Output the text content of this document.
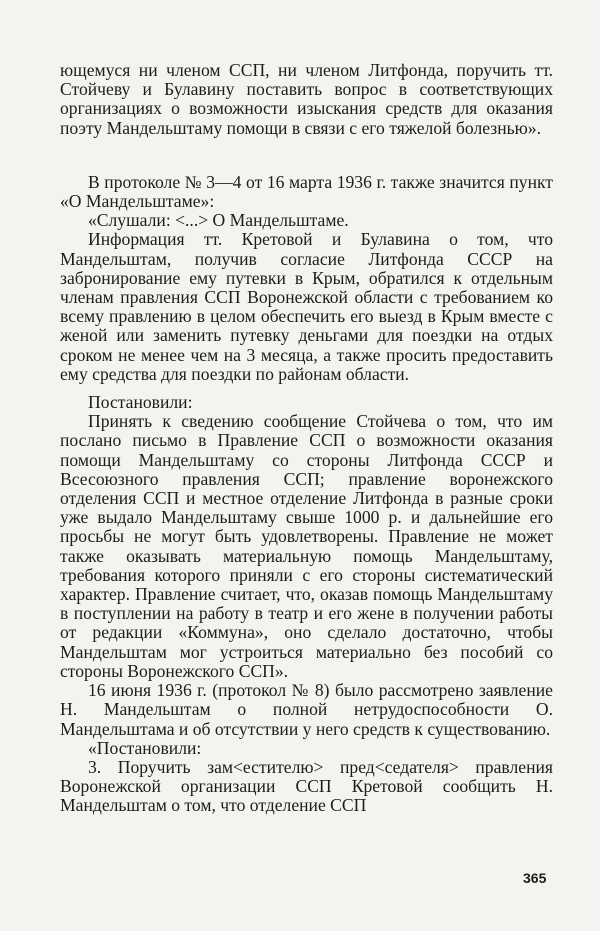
ющемуся ни членом ССП, ни членом Литфонда, поручить тт. Стойчеву и Булавину поставить вопрос в соответствующих организациях о возможности изыскания средств для оказания поэту Мандельштаму помощи в связи с его тяжелой болезнью».

В протоколе № 3—4 от 16 марта 1936 г. также значится пункт «О Мандельштаме»:

«Слушали: <...> О Мандельштаме.

Информация тт. Кретовой и Булавина о том, что Мандельштам, получив согласие Литфонда СССР на забронирование ему путевки в Крым, обратился к отдельным членам правления ССП Воронежской области с требованием ко всему правлению в целом обеспечить его выезд в Крым вместе с женой или заменить путевку деньгами для поездки на отдых сроком не менее чем на 3 месяца, а также просить предоставить ему средства для поездки по районам области.

Постановили:

Принять к сведению сообщение Стойчева о том, что им послано письмо в Правление ССП о возможности оказания помощи Мандельштаму со стороны Литфонда СССР и Всесоюзного правления ССП; правление воронежского отделения ССП и местное отделение Литфонда в разные сроки уже выдало Мандельштаму свыше 1000 р. и дальнейшие его просьбы не могут быть удовлетворены. Правление не может также оказывать материальную помощь Мандельштаму, требования которого приняли с его стороны систематический характер. Правление считает, что, оказав помощь Мандельштаму в поступлении на работу в театр и его жене в получении работы от редакции «Коммуна», оно сделало достаточно, чтобы Мандельштам мог устроиться материально без пособий со стороны Воронежского ССП».

16 июня 1936 г. (протокол № 8) было рассмотрено заявление Н. Мандельштам о полной нетрудоспособности О. Мандельштама и об отсутствии у него средств к существованию.

«Постановили:

3. Поручить зам<естителю> пред<седателя> правления Воронежской организации ССП Кретовой сообщить Н. Мандельштам о том, что отделение ССП

365
